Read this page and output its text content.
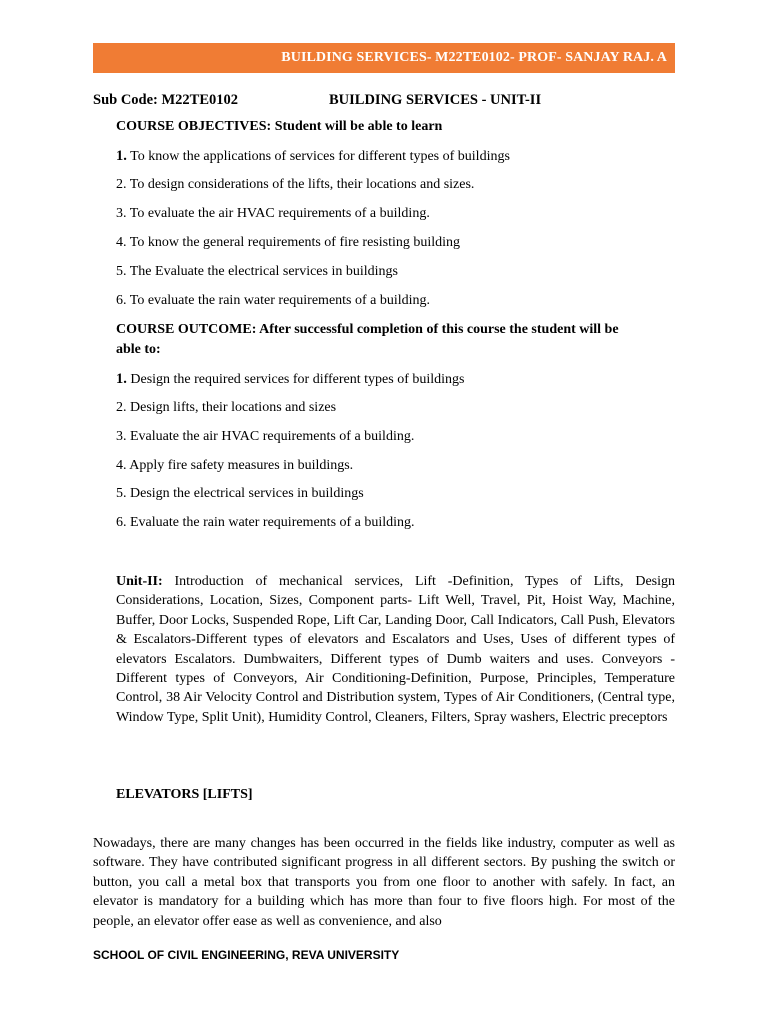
BUILDING SERVICES- M22TE0102- PROF- SANJAY RAJ. A
Sub Code: M22TE0102	BUILDING SERVICES - UNIT-II
COURSE OBJECTIVES: Student will be able to learn
1. To know the applications of services for different types of buildings
2. To design considerations of the lifts, their locations and sizes.
3. To evaluate the air HVAC requirements of a building.
4. To know the general requirements of fire resisting building
5. The Evaluate the electrical services in buildings
6. To evaluate the rain water requirements of a building.
COURSE OUTCOME: After successful completion of this course the student will be
able to:
1. Design the required services for different types of buildings
2. Design lifts, their locations and sizes
3. Evaluate the air HVAC requirements of a building.
4. Apply fire safety measures in buildings.
5. Design the electrical services in buildings
6. Evaluate the rain water requirements of a building.
Unit-II: Introduction of mechanical services, Lift -Definition, Types of Lifts, Design Considerations, Location, Sizes, Component parts- Lift Well, Travel, Pit, Hoist Way, Machine, Buffer, Door Locks, Suspended Rope, Lift Car, Landing Door, Call Indicators, Call Push, Elevators & Escalators-Different types of elevators and Escalators and Uses, Uses of different types of elevators Escalators. Dumbwaiters, Different types of Dumb waiters and uses. Conveyors -Different types of Conveyors, Air Conditioning-Definition, Purpose, Principles, Temperature Control, 38 Air Velocity Control and Distribution system, Types of Air Conditioners, (Central type, Window Type, Split Unit), Humidity Control, Cleaners, Filters, Spray washers, Electric preceptors
ELEVATORS [LIFTS]
Nowadays, there are many changes has been occurred in the fields like industry, computer as well as software. They have contributed significant progress in all different sectors. By pushing the switch or button, you call a metal box that transports you from one floor to another with safely. In fact, an elevator is mandatory for a building which has more than four to five floors high. For most of the people, an elevator offer ease as well as convenience, and also
SCHOOL OF CIVIL ENGINEERING, REVA UNIVERSITY
